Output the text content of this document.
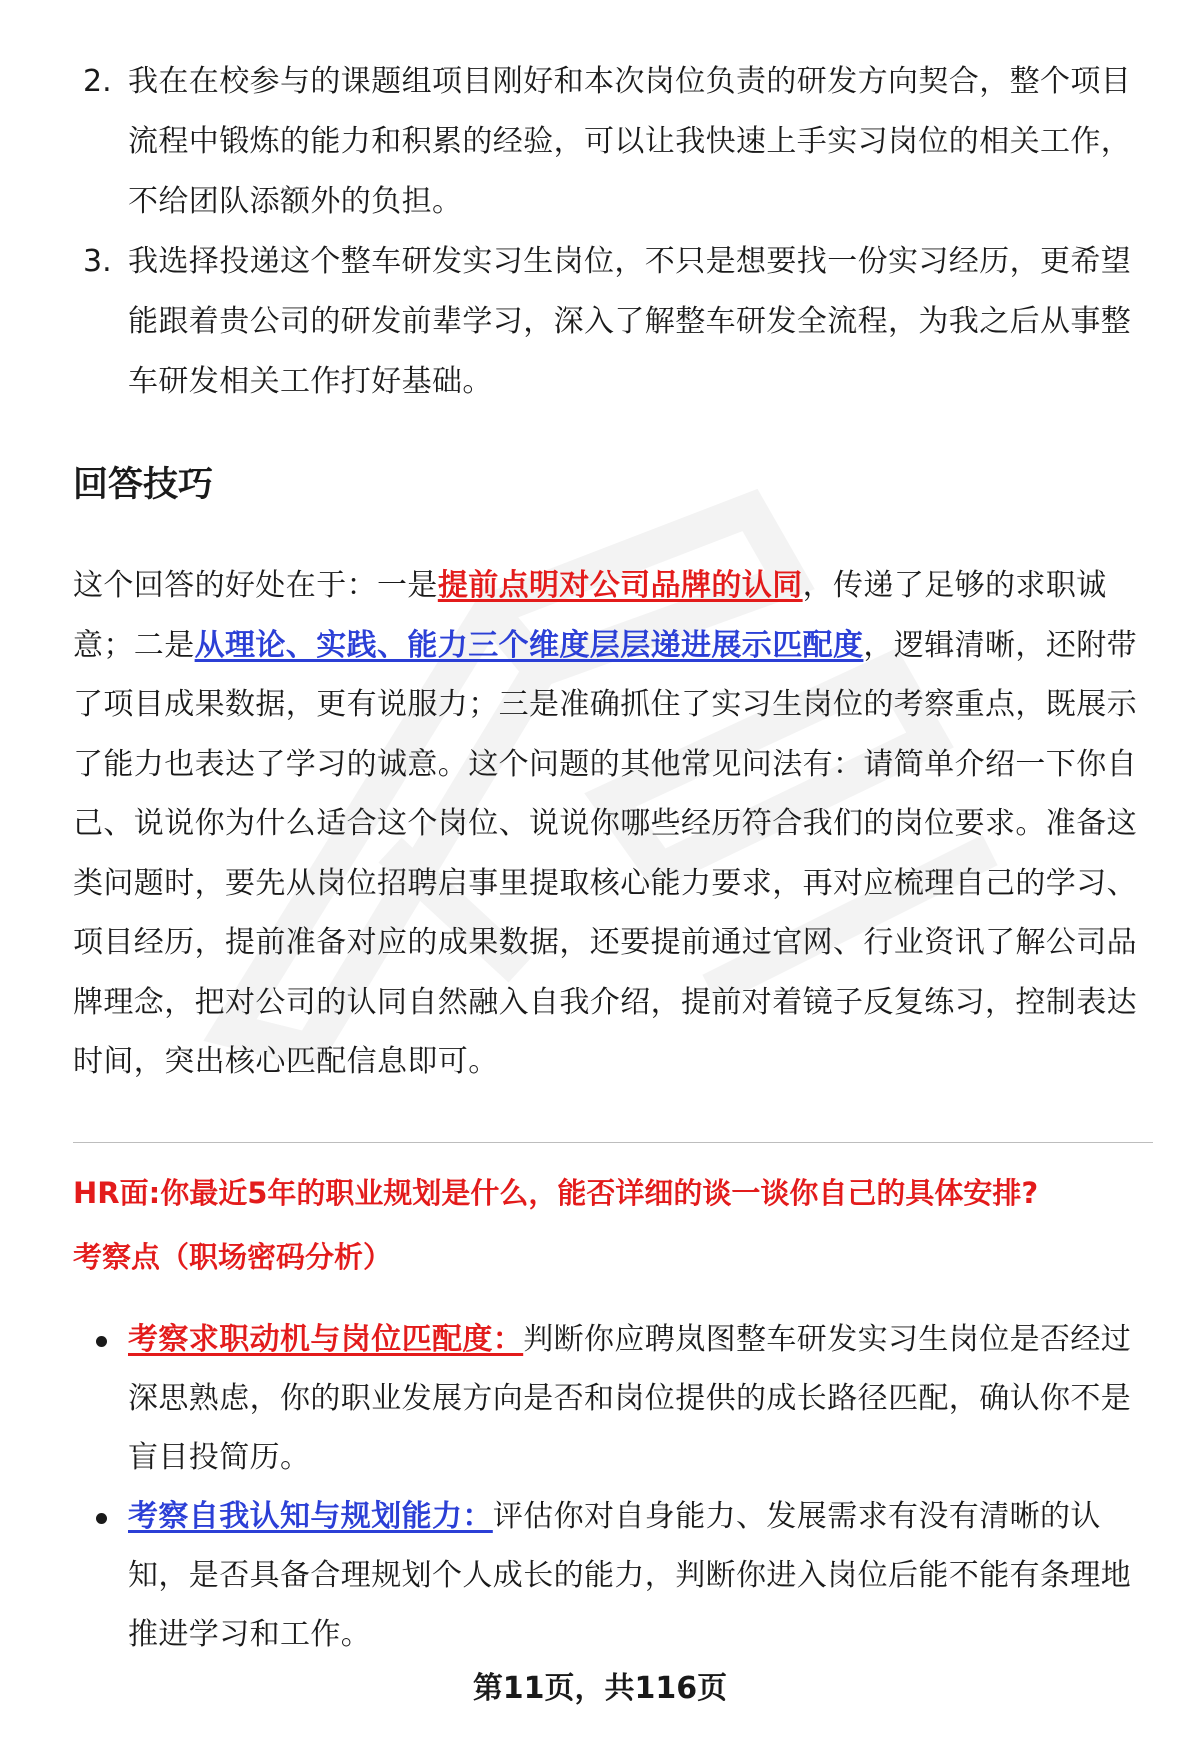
2. 我在在校参与的课题组项目刚好和本次岗位负责的研发方向契合，整个项目流程中锻炼的能力和积累的经验，可以让我快速上手实习岗位的相关工作，不给团队添额外的负担。
3. 我选择投递这个整车研发实习生岗位，不只是想要找一份实习经历，更希望能跟着贵公司的研发前辈学习，深入了解整车研发全流程，为我之后从事整车研发相关工作打好基础。
回答技巧
这个回答的好处在于：一是提前点明对公司品牌的认同，传递了足够的求职诚意；二是从理论、实践、能力三个维度层层递进展示匹配度，逻辑清晰，还附带了项目成果数据，更有说服力；三是准确抓住了实习生岗位的考察重点，既展示了能力也表达了学习的诚意。这个问题的其他常见问法有：请简单介绍一下你自己、说说你为什么适合这个岗位、说说你哪些经历符合我们的岗位要求。准备这类问题时，要先从岗位招聘启事里提取核心能力要求，再对应梳理自己的学习、项目经历，提前准备对应的成果数据，还要提前通过官网、行业资讯了解公司品牌理念，把对公司的认同自然融入自我介绍，提前对着镜子反复练习，控制表达时间，突出核心匹配信息即可。
HR面:你最近5年的职业规划是什么，能否详细的谈一谈你自己的具体安排?
考察点（职场密码分析）
考察求职动机与岗位匹配度：判断你应聘岚图整车研发实习生岗位是否经过深思熟虑，你的职业发展方向是否和岗位提供的成长路径匹配，确认你不是盲目投简历。
考察自我认知与规划能力：评估你对自身能力、发展需求有没有清晰的认知，是否具备合理规划个人成长的能力，判断你进入岗位后能不能有条理地推进学习和工作。
第11页，共116页
